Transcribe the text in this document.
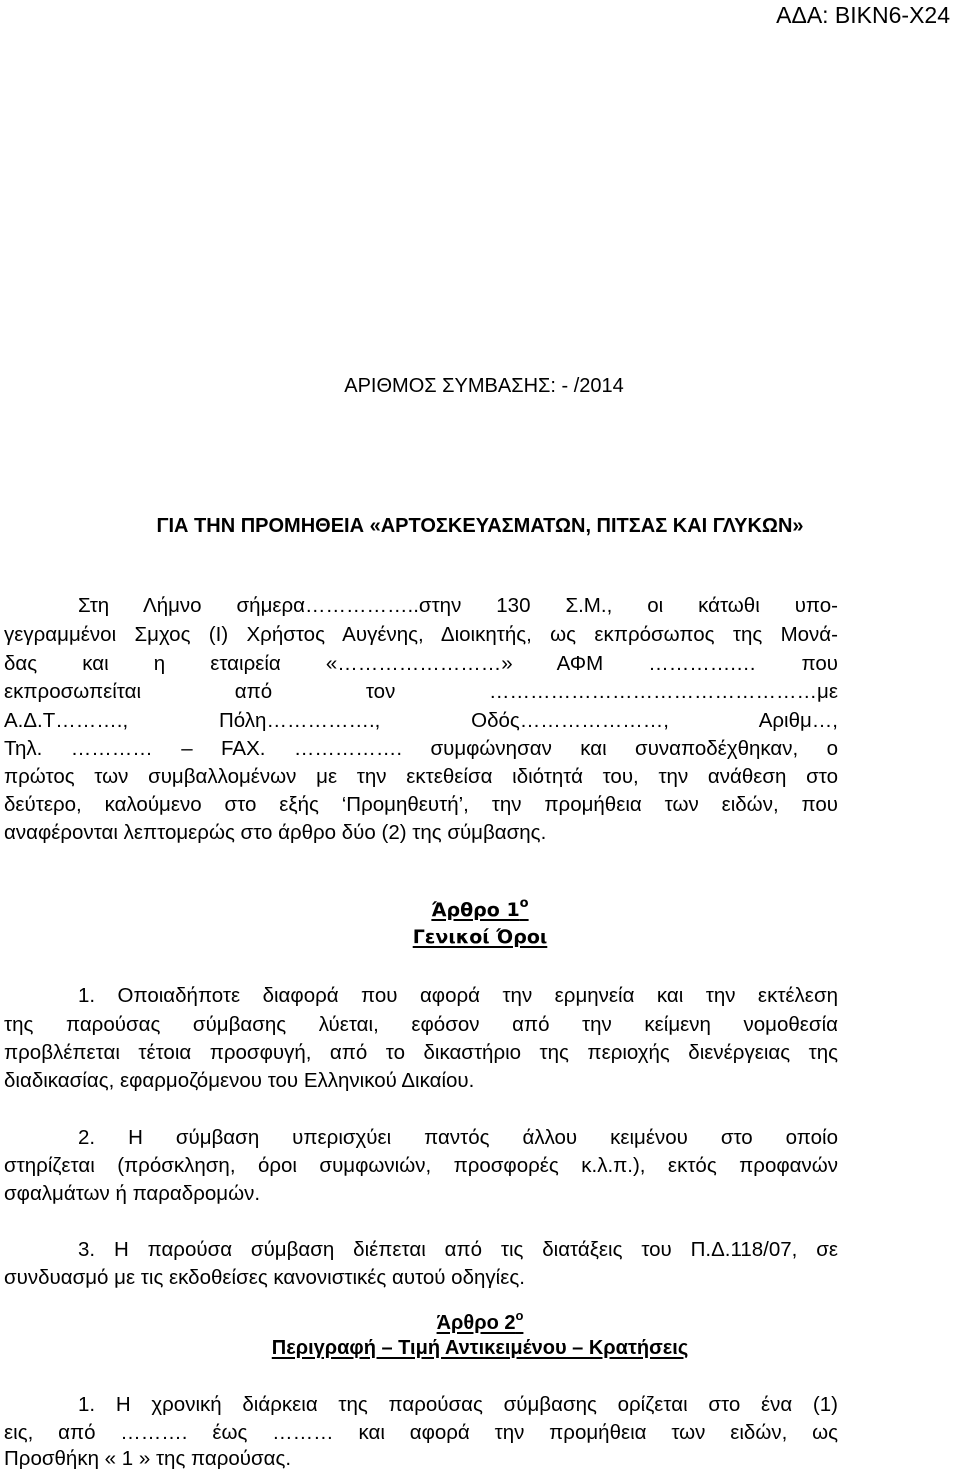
ΑΔΑ: ΒΙΚΝ6-Χ24
ΑΡΙΘΜΟΣ ΣΥΜΒΑΣΗΣ: - /2014
ΓΙΑ ΤΗΝ ΠΡΟΜΗΘΕΙΑ «ΑΡΤΟΣΚΕΥΑΣΜΑΤΩΝ, ΠΙΤΣΑΣ ΚΑΙ ΓΛΥΚΩΝ»
Στη Λήμνο σήμερα……………..στην 130 Σ.Μ., οι κάτωθι υπο-
γεγραμμένοι Σμχος (Ι) Χρήστος Αυγένης, Διοικητής, ως εκπρόσωπος της Μονά-
δας και η εταιρεία «……………………» ΑΦΜ ………….… που
εκπροσωπείται από τον …………………………………………με
Α.Δ.Τ………., Πόλη……………., Οδός…………………, Αριθμ…,
Τηλ. ………… – FAX. ……………. συμφώνησαν και συναποδέχθηκαν, ο
πρώτος των συμβαλλομένων με την εκτεθείσα ιδιότητά του, την ανάθεση στο
δεύτερο, καλούμενο στο εξής ‘Προμηθευτή’, την προμήθεια των ειδών, που
αναφέρονται λεπτομερώς στο άρθρο δύο (2) της σύμβασης.
Άρθρο $1^o$
Γενικοί Όροι
1. Οποιαδήποτε διαφορά που αφορά την ερμηνεία και την εκτέλεση
της παρούσας σύμβασης λύεται, εφόσον από την κείμενη νομοθεσία
προβλέπεται τέτοια προσφυγή, από το δικαστήριο της περιοχής διενέργειας της
διαδικασίας, εφαρμοζόμενου του Ελληνικού Δικαίου.
2. Η σύμβαση υπερισχύει παντός άλλου κειμένου στο οποίο
στηρίζεται (πρόσκληση, όροι συμφωνιών, προσφορές κ.λ.π.), εκτός προφανών
σφαλμάτων ή παραδρομών.
3. Η παρούσα σύμβαση διέπεται από τις διατάξεις του Π.Δ.118/07, σε
συνδυασμό με τις εκδοθείσες κανονιστικές αυτού οδηγίες.
Άρθρο $2^o$
Περιγραφή – Τιμή Αντικειμένου – Κρατήσεις
1. Η χρονική διάρκεια της παρούσας σύμβασης ορίζεται στο ένα (1)
εις, από ………. έως ……… και αφορά την προμήθεια των ειδών, ως
Προσθήκη « 1 » της παρούσας.
